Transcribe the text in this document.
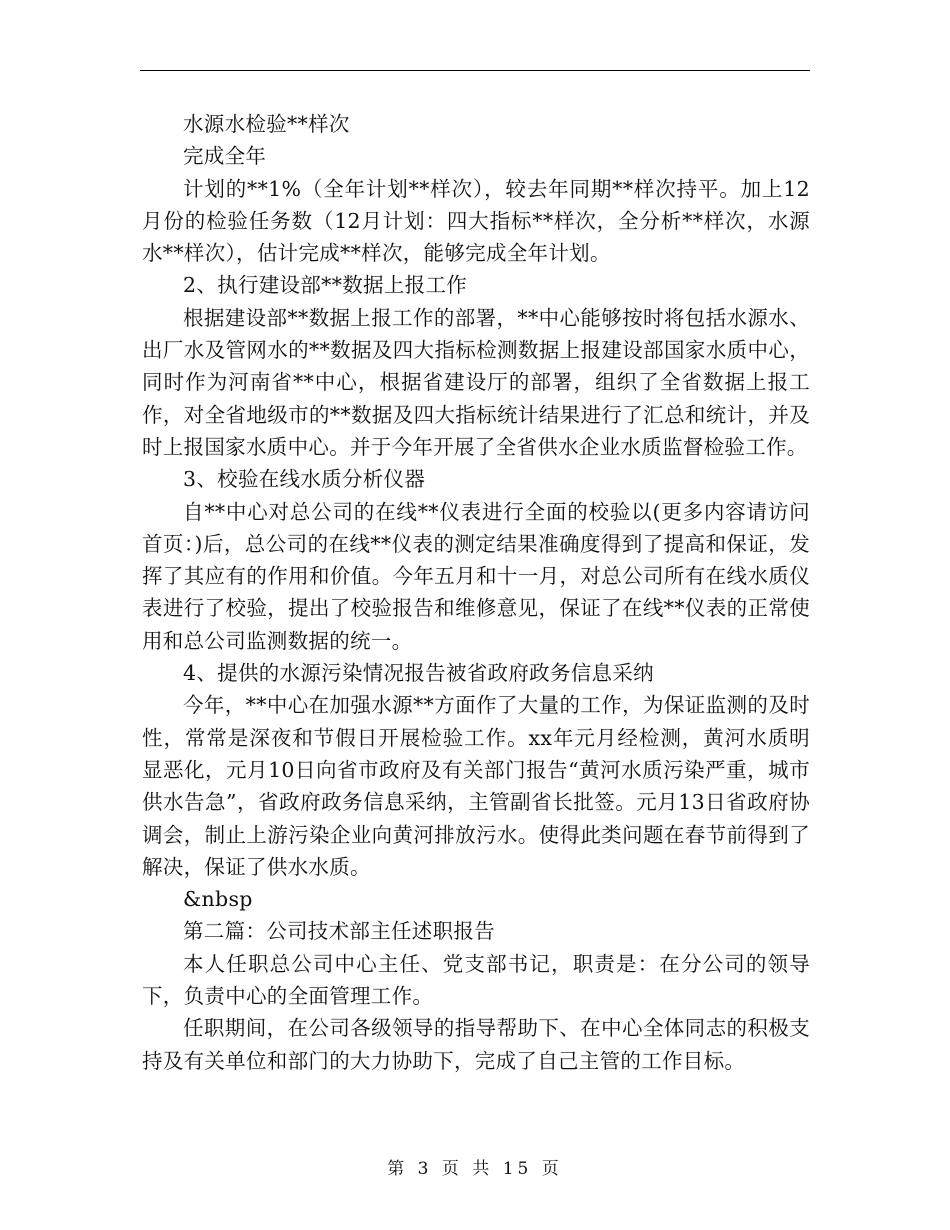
水源水检验**样次

完成全年

计划的**1%（全年计划**样次），较去年同期**样次持平。加上12月份的检验任务数（12月计划：四大指标**样次，全分析**样次，水源水**样次），估计完成**样次，能够完成全年计划。

2、执行建设部**数据上报工作

根据建设部**数据上报工作的部署，**中心能够按时将包括水源水、出厂水及管网水的**数据及四大指标检测数据上报建设部国家水质中心，同时作为河南省**中心，根据省建设厅的部署，组织了全省数据上报工作，对全省地级市的**数据及四大指标统计结果进行了汇总和统计，并及时上报国家水质中心。并于今年开展了全省供水企业水质监督检验工作。

3、校验在线水质分析仪器

自**中心对总公司的在线**仪表进行全面的校验以(更多内容请访问首页：)后，总公司的在线**仪表的测定结果准确度得到了提高和保证，发挥了其应有的作用和价值。今年五月和十一月，对总公司所有在线水质仪表进行了校验，提出了校验报告和维修意见，保证了在线**仪表的正常使用和总公司监测数据的统一。

4、提供的水源污染情况报告被省政府政务信息采纳

今年，**中心在加强水源**方面作了大量的工作，为保证监测的及时性，常常是深夜和节假日开展检验工作。xx年元月经检测，黄河水质明显恶化，元月10日向省市政府及有关部门报告“黄河水质污染严重，城市供水告急”，省政府政务信息采纳，主管副省长批签。元月13日省政府协调会，制止上游污染企业向黄河排放污水。使得此类问题在春节前得到了解决，保证了供水水质。

&nbsp

第二篇：公司技术部主任述职报告

本人任职总公司中心主任、党支部书记，职责是：在分公司的领导下，负责中心的全面管理工作。

任职期间，在公司各级领导的指导帮助下、在中心全体同志的积极支持及有关单位和部门的大力协助下，完成了自己主管的工作目标。

第 3 页 共 15 页
